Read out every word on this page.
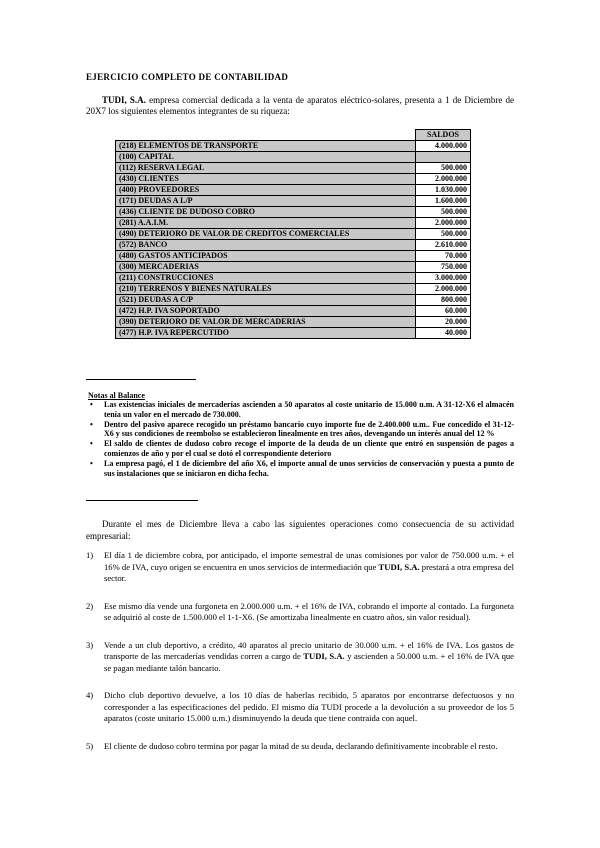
EJERCICIO COMPLETO DE CONTABILIDAD
TUDI, S.A. empresa comercial dedicada a la venta de aparatos eléctrico-solares, presenta a 1 de Diciembre de 20X7 los siguientes elementos integrantes de su riqueza:
	SALDOS
(218) ELEMENTOS DE TRANSPORTE	4.000.000
(100) CAPITAL	
(112) RESERVA LEGAL	500.000
(430) CLIENTES	2.000.000
(400) PROVEEDORES	1.030.000
(171) DEUDAS A L/P	1.600.000
(436) CLIENTE DE DUDOSO COBRO	500.000
(281) A.A.I.M.	2.000.000
(490) DETERIORO DE VALOR DE CREDITOS COMERCIALES	500.000
(572) BANCO	2.610.000
(480) GASTOS ANTICIPADOS	70.000
(300) MERCADERIAS	750.000
(211) CONSTRUCCIONES	3.000.000
(210) TERRENOS Y BIENES NATURALES	2.000.000
(521) DEUDAS A C/P	800.000
(472) H.P. IVA SOPORTADO	60.000
(390) DETERIORO DE VALOR DE MERCADERIAS	20.000
(477) H.P. IVA REPERCUTIDO	40.000
Notas al Balance
• Las existencias iniciales de mercaderías ascienden a 50 aparatos al coste unitario de 15.000 u.m. A 31-12-X6 el almacén tenía un valor en el mercado de 730.000.
• Dentro del pasivo aparece recogido un préstamo bancario cuyo importe fue de 2.400.000 u.m.. Fue concedido el 31-12-X6 y sus condiciones de reembolso se establecieron linealmente en tres años, devengando un interés anual del 12 %
• El saldo de clientes de dudoso cobro recoge el importe de la deuda de un cliente que entró en suspensión de pagos a comienzos de año y por el cual se dotó el correspondiente deterioro
• La empresa pagó, el 1 de diciembre del año X6, el importe anual de unos servicios de conservación y puesta a punto de sus instalaciones que se iniciaron en dicha fecha.
Durante el mes de Diciembre lleva a cabo las siguientes operaciones como consecuencia de su actividad empresarial:
1) El día 1 de diciembre cobra, por anticipado, el importe semestral de unas comisiones por valor de 750.000 u.m. + el 16% de IVA, cuyo origen se encuentra en unos servicios de intermediación que TUDI, S.A. prestará a otra empresa del sector.
2) Ese mismo día vende una furgoneta en 2.000.000 u.m. + el 16% de IVA, cobrando el importe al contado. La furgoneta se adquirió al coste de 1.500.000 el 1-1-X6. (Se amortizaba linealmente en cuatro años, sin valor residual).
3) Vende a un club deportivo, a crédito, 40 aparatos al precio unitario de 30.000 u.m. + el 16% de IVA. Los gastos de transporte de las mercaderías vendidas corren a cargo de TUDI, S.A. y ascienden a 50.000 u.m. + el 16% de IVA que se pagan mediante talón bancario.
4) Dicho club deportivo devuelve, a los 10 días de haberlas recibido, 5 aparatos por encontrarse defectuosos y no corresponder a las especificaciones del pedido. El mismo día TUDI procede a la devolución a su proveedor de los 5 aparatos (coste unitario 15.000 u.m.) disminuyendo la deuda que tiene contraida con aquel.
5) El cliente de dudoso cobro termina por pagar la mitad de su deuda, declarando definitivamente incobrable el resto.
